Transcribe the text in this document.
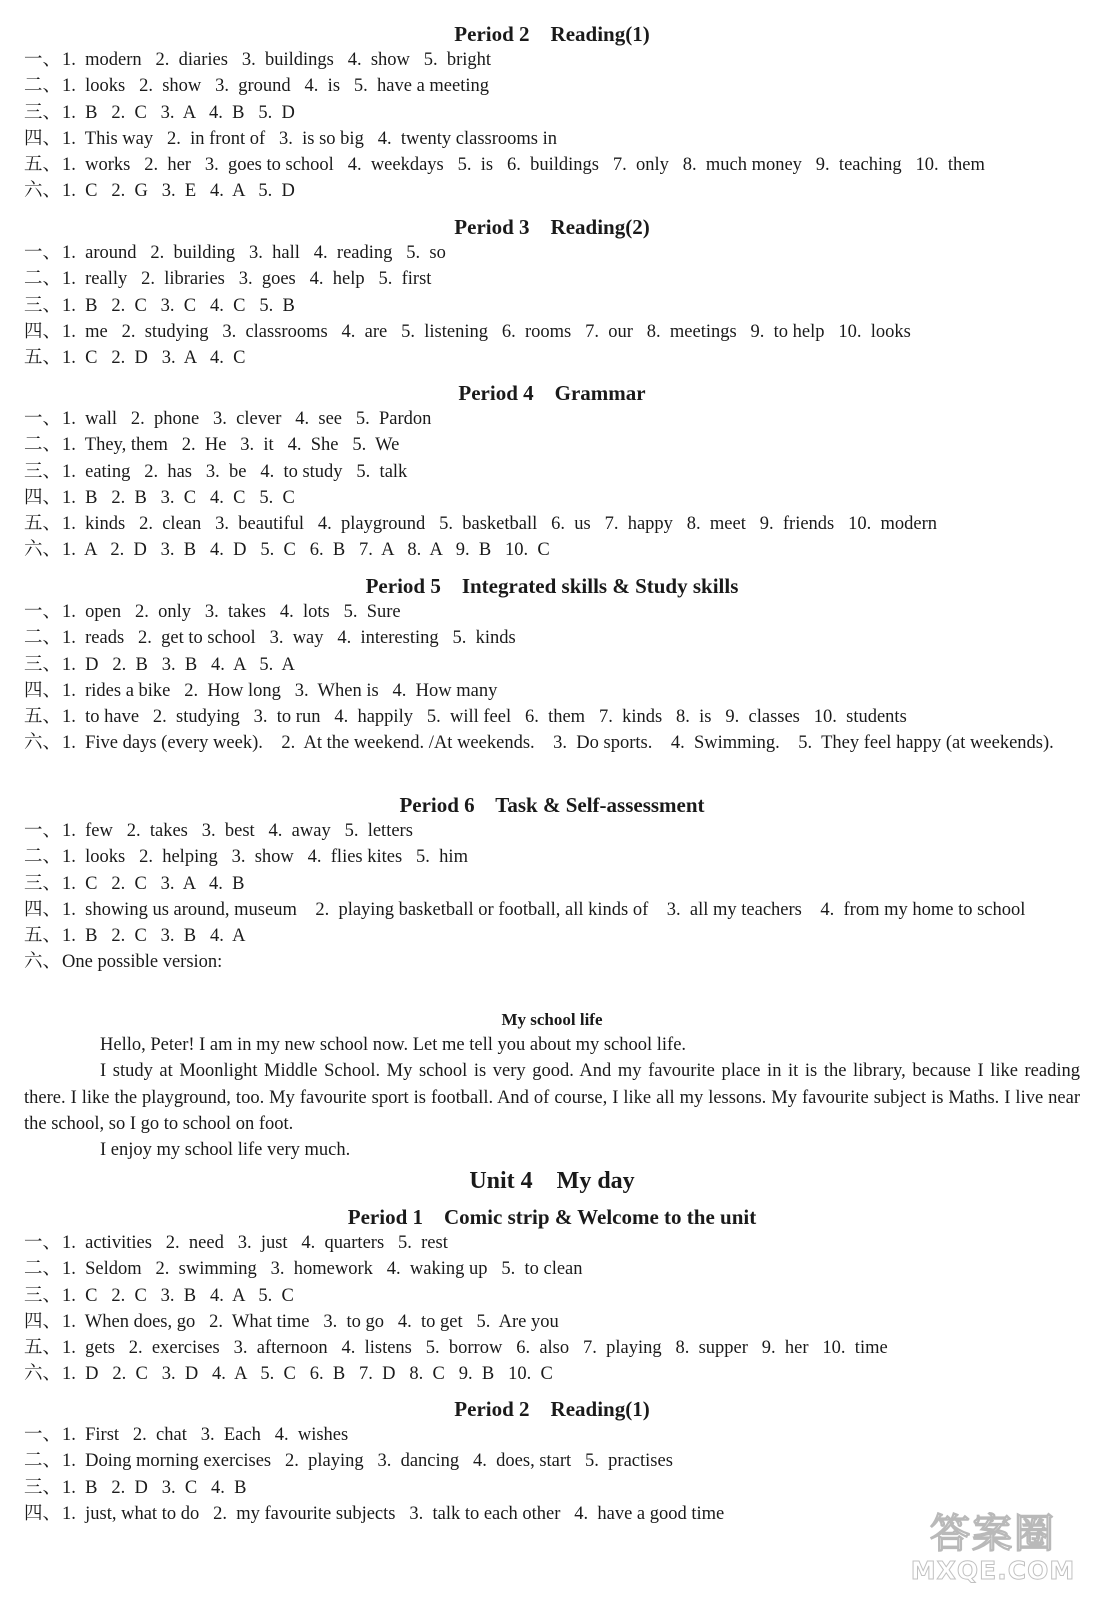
Period 2    Reading(1)
一、1.  modern   2.  diaries   3.  buildings   4.  show   5.  bright
二、1.  looks   2.  show   3.  ground   4.  is   5.  have a meeting
三、1.  B   2.  C   3.  A   4.  B   5.  D
四、1.  This way   2.  in front of   3.  is so big   4.  twenty classrooms in
五、1.  works   2.  her   3.  goes to school   4.  weekdays   5.  is   6.  buildings   7.  only   8.  much money   9.  teaching   10.  them
六、1.  C   2.  G   3.  E   4.  A   5.  D
Period 3    Reading(2)
一、1.  around   2.  building   3.  hall   4.  reading   5.  so
二、1.  really   2.  libraries   3.  goes   4.  help   5.  first
三、1.  B   2.  C   3.  C   4.  C   5.  B
四、1.  me   2.  studying   3.  classrooms   4.  are   5.  listening   6.  rooms   7.  our   8.  meetings   9.  to help   10.  looks
五、1.  C   2.  D   3.  A   4.  C
Period 4    Grammar
一、1.  wall   2.  phone   3.  clever   4.  see   5.  Pardon
二、1.  They, them   2.  He   3.  it   4.  She   5.  We
三、1.  eating   2.  has   3.  be   4.  to study   5.  talk
四、1.  B   2.  B   3.  C   4.  C   5.  C
五、1.  kinds   2.  clean   3.  beautiful   4.  playground   5.  basketball   6.  us   7.  happy   8.  meet   9.  friends   10.  modern
六、1.  A   2.  D   3.  B   4.  D   5.  C   6.  B   7.  A   8.  A   9.  B   10.  C
Period 5    Integrated skills & Study skills
一、1.  open   2.  only   3.  takes   4.  lots   5.  Sure
二、1.  reads   2.  get to school   3.  way   4.  interesting   5.  kinds
三、1.  D   2.  B   3.  B   4.  A   5.  A
四、1.  rides a bike   2.  How long   3.  When is   4.  How many
五、1.  to have   2.  studying   3.  to run   4.  happily   5.  will feel   6.  them   7.  kinds   8.  is   9.  classes   10.  students
六、1.  Five days (every week).    2.  At the weekend. /At weekends.    3.  Do sports.    4.  Swimming.    5.  They feel happy (at weekends).
Period 6    Task & Self-assessment
一、1.  few   2.  takes   3.  best   4.  away   5.  letters
二、1.  looks   2.  helping   3.  show   4.  flies kites   5.  him
三、1.  C   2.  C   3.  A   4.  B
四、1.  showing us around, museum    2.  playing basketball or football, all kinds of    3.  all my teachers    4.  from my home to school
五、1.  B   2.  C   3.  B   4.  A
六、One possible version:
My school life

Hello, Peter! I am in my new school now. Let me tell you about my school life.

I study at Moonlight Middle School. My school is very good. And my favourite place in it is the library, because I like reading there. I like the playground, too. My favourite sport is football. And of course, I like all my lessons. My favourite subject is Maths. I live near the school, so I go to school on foot.

I enjoy my school life very much.

Unit 4    My day
Period 1    Comic strip & Welcome to the unit
一、1.  activities   2.  need   3.  just   4.  quarters   5.  rest
二、1.  Seldom   2.  swimming   3.  homework   4.  waking up   5.  to clean
三、1.  C   2.  C   3.  B   4.  A   5.  C
四、1.  When does, go   2.  What time   3.  to go   4.  to get   5.  Are you
五、1.  gets   2.  exercises   3.  afternoon   4.  listens   5.  borrow   6.  also   7.  playing   8.  supper   9.  her   10.  time
六、1.  D   2.  C   3.  D   4.  A   5.  C   6.  B   7.  D   8.  C   9.  B   10.  C
Period 2    Reading(1)
一、1.  First   2.  chat   3.  Each   4.  wishes
二、1.  Doing morning exercises   2.  playing   3.  dancing   4.  does, start   5.  practises
三、1.  B   2.  D   3.  C   4.  B
四、1.  just, what to do   2.  my favourite subjects   3.  talk to each other   4.  have a good time	答案圈
MXQE.COM
